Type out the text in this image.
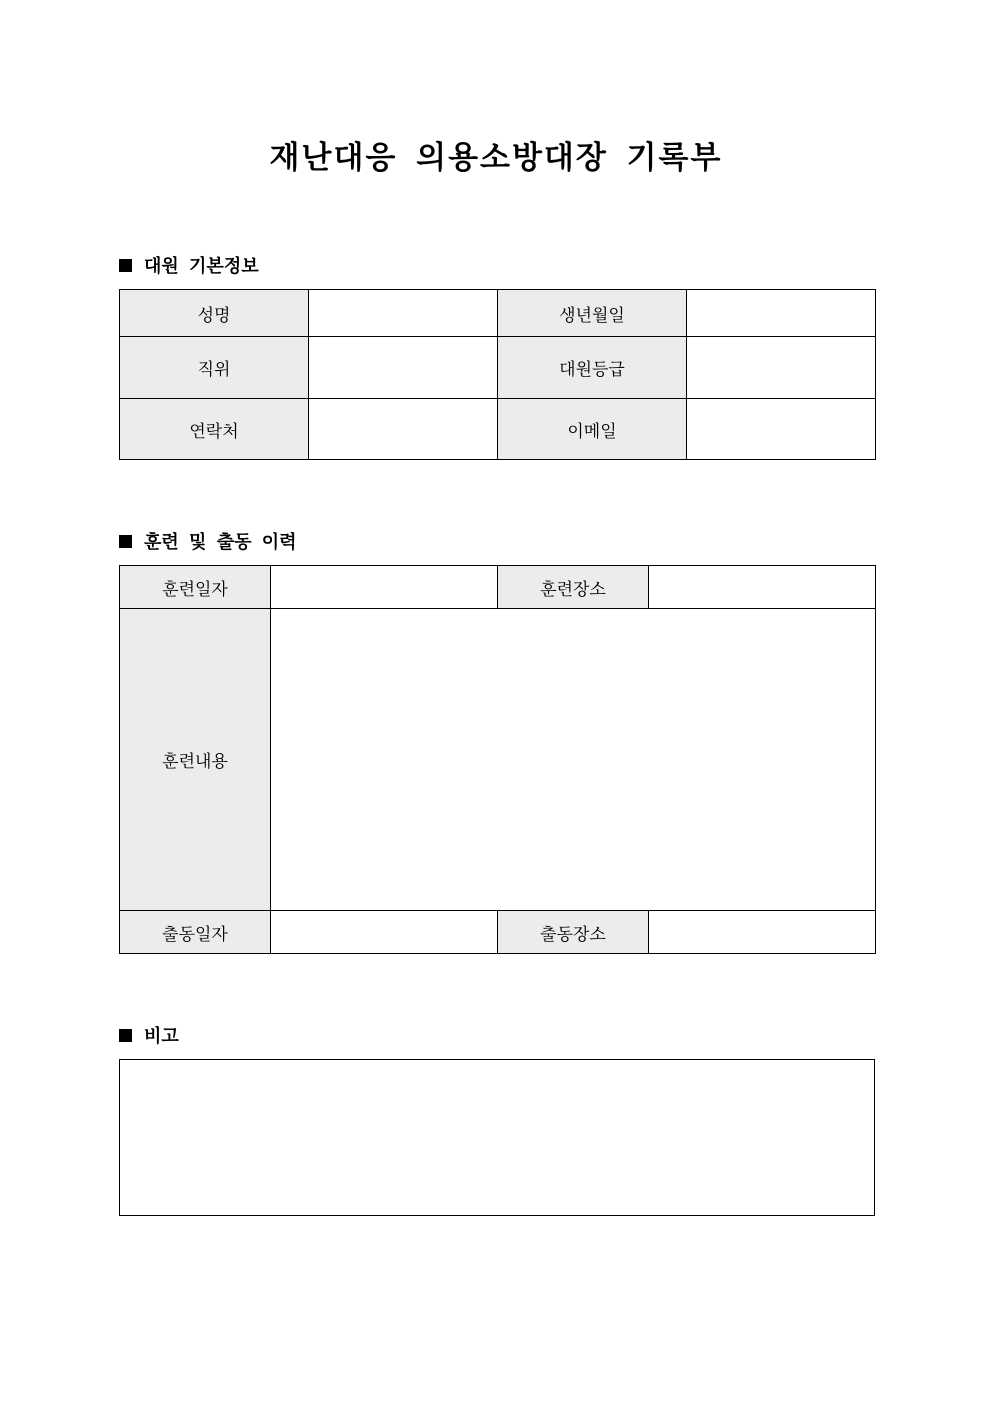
재난대응 의용소방대장 기록부
대원 기본정보
성명		생년월일	
직위		대원등급	
연락처		이메일	
훈련 및 출동 이력
훈련일자		훈련장소	
훈련내용			
출동일자		출동장소	
비고
